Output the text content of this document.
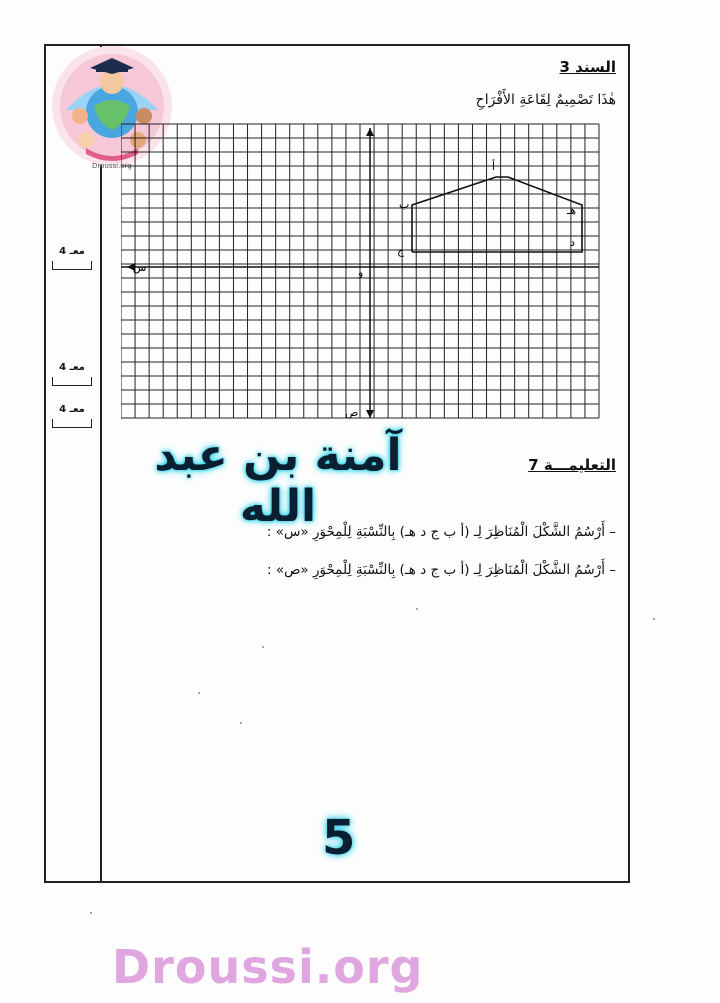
Droussi.org
السند 3
هٰذَا تَصْمِيمٌ لِقَاعَةِ الأَفْرَاحِ
أ
ب
ج
د
هـ
و
س
ص
معـ 4
معـ 4
معـ 4
التعليمـــة 7
آمنة بن عبد الله
– أَرْسُمُ الشَّكْلَ الْمُنَاظِرَ لِـ (أ ب ج د هـ) بِالنِّسْبَةِ لِلْمِحْوَرِ «س» :
– أَرْسُمُ الشَّكْلَ الْمُنَاظِرَ لِـ (أ ب ج د هـ) بِالنِّسْبَةِ لِلْمِحْوَرِ «ص» :
5
Droussi.org
